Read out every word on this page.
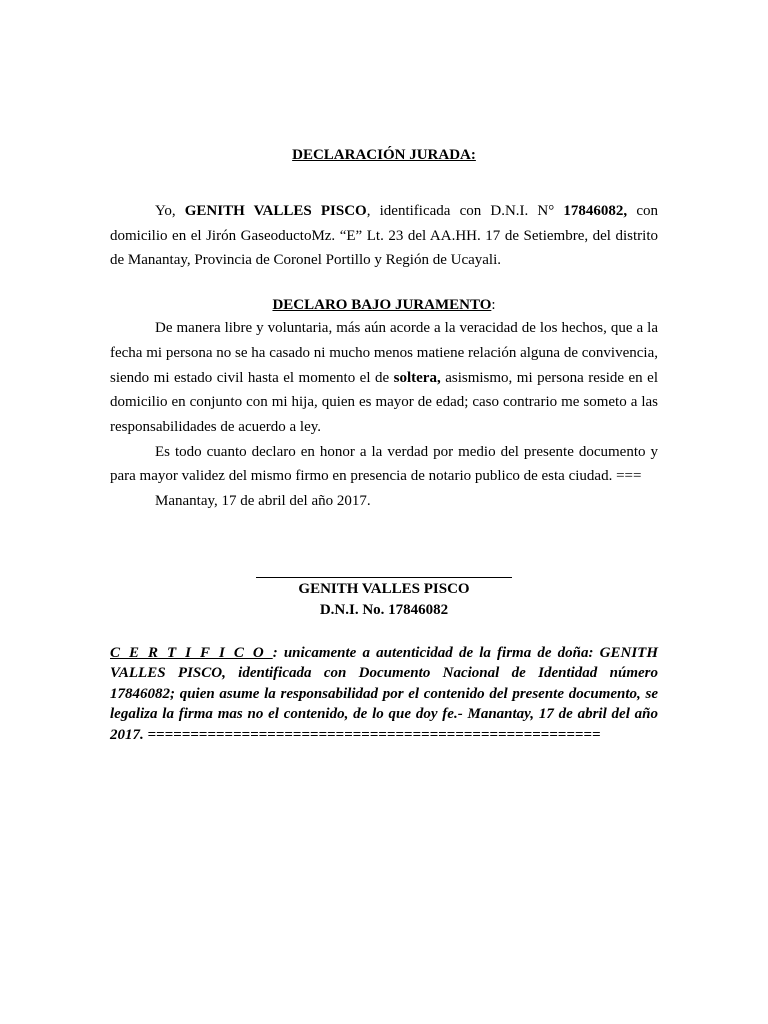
DECLARACIÓN JURADA:

Yo, GENITH VALLES PISCO, identificada con D.N.I. N° 17846082, con domicilio en el Jirón GaseoductoMz. “E” Lt. 23 del AA.HH. 17 de Setiembre, del distrito de Manantay, Provincia de Coronel Portillo y Región de Ucayali.

DECLARO BAJO JURAMENTO:

De manera libre y voluntaria, más aún acorde a la veracidad de los hechos, que a la fecha mi persona no se ha casado ni mucho menos matiene relación alguna de convivencia, siendo mi estado civil hasta el momento el de soltera, asismismo, mi persona reside en el domicilio en conjunto con mi hija, quien es mayor de edad; caso contrario me someto a las responsabilidades de acuerdo a ley.

Es todo cuanto declaro en honor a la verdad por medio del presente documento y para mayor validez del mismo firmo en presencia de notario publico de esta ciudad. ===

Manantay, 17 de abril del año 2017.

GENITH VALLES PISCO
D.N.I. No. 17846082

CERTIFICO: unicamente a autenticidad de la firma de doña: GENITH VALLES PISCO, identificada con Documento Nacional de Identidad número 17846082; quien asume la responsabilidad por el contenido del presente documento, se legaliza la firma mas no el contenido, de lo que doy fe.- Manantay, 17 de abril del año 2017. =====================================================
